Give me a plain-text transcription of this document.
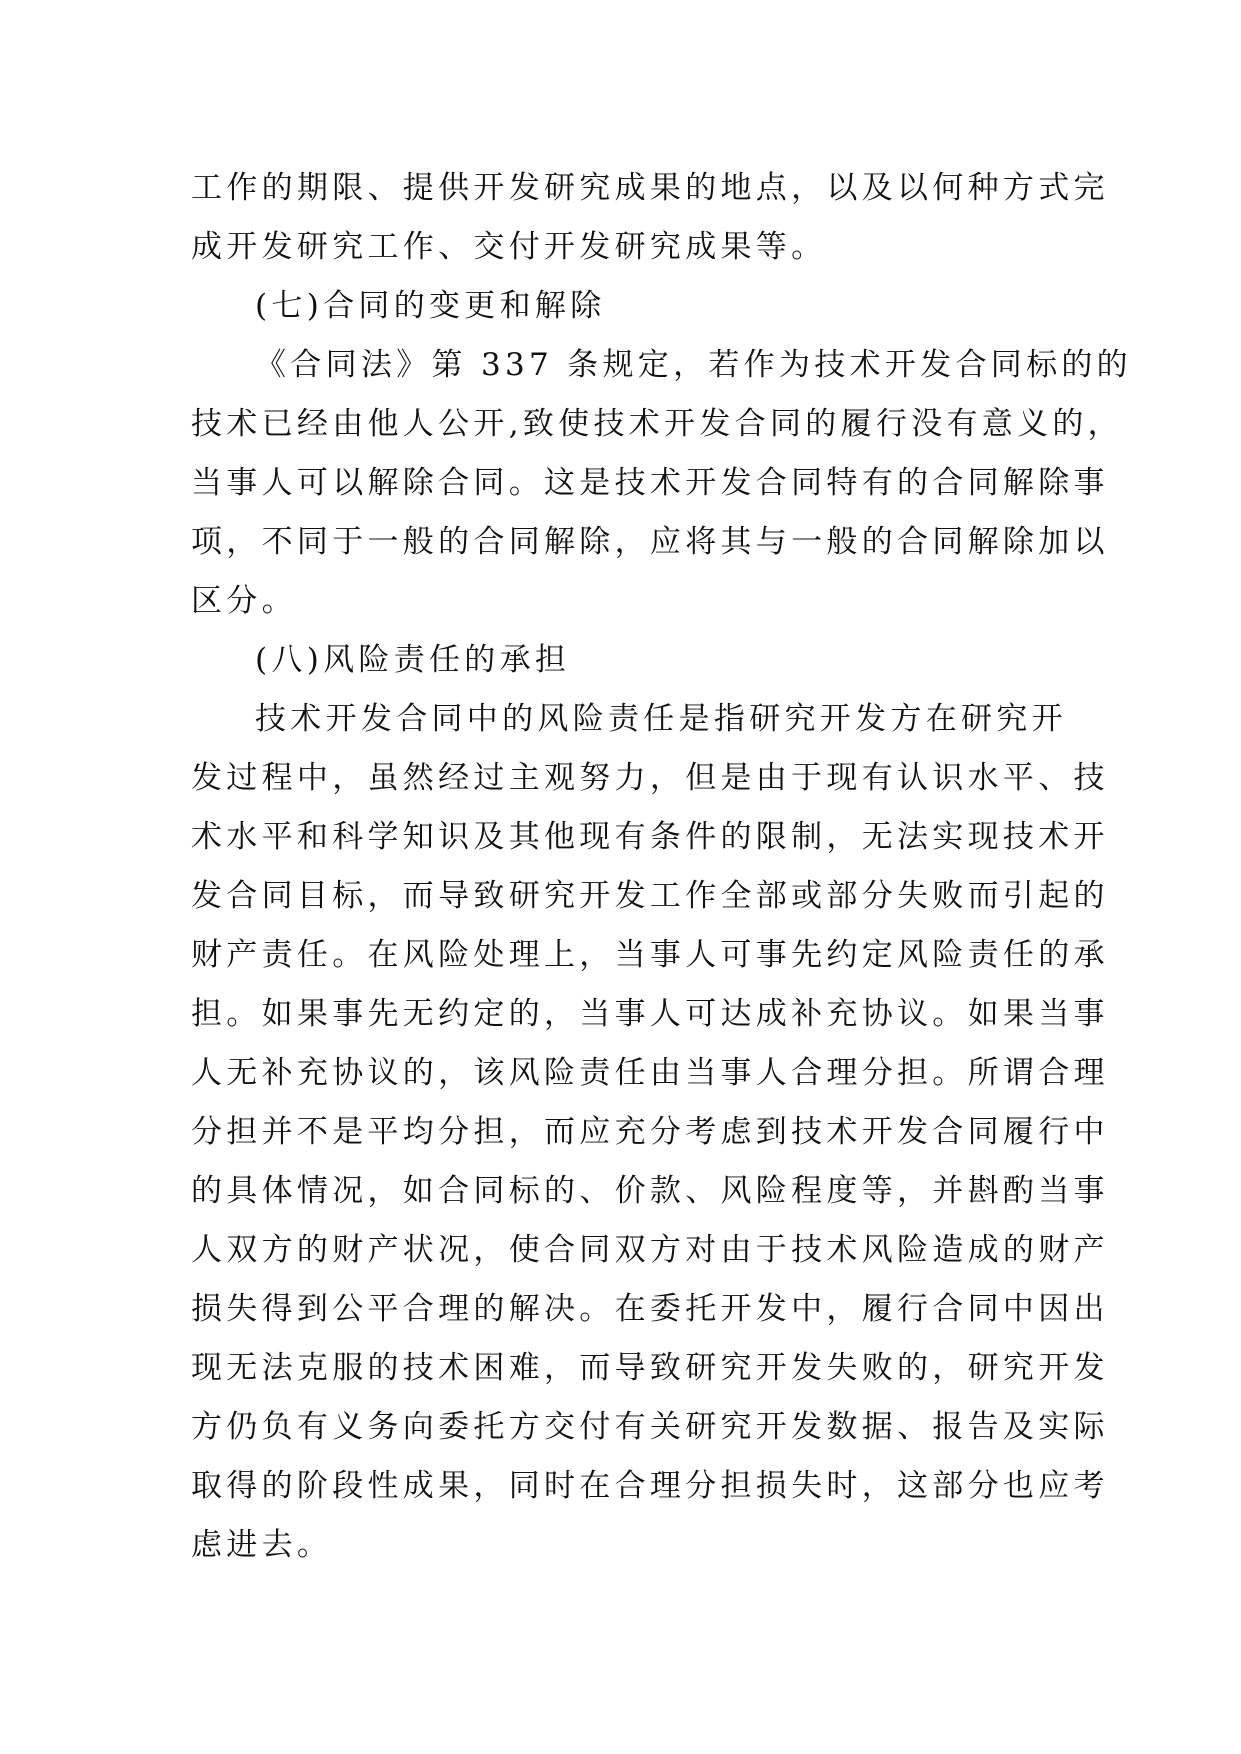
工作的期限、提供开发研究成果的地点，以及以何种方式完
成开发研究工作、交付开发研究成果等。
(七)合同的变更和解除
《合同法》第 337 条规定，若作为技术开发合同标的的
技术已经由他人公开,致使技术开发合同的履行没有意义的，
当事人可以解除合同。这是技术开发合同特有的合同解除事
项，不同于一般的合同解除，应将其与一般的合同解除加以
区分。
(八)风险责任的承担
技术开发合同中的风险责任是指研究开发方在研究开
发过程中，虽然经过主观努力，但是由于现有认识水平、技
术水平和科学知识及其他现有条件的限制，无法实现技术开
发合同目标，而导致研究开发工作全部或部分失败而引起的
财产责任。在风险处理上，当事人可事先约定风险责任的承
担。如果事先无约定的，当事人可达成补充协议。如果当事
人无补充协议的，该风险责任由当事人合理分担。所谓合理
分担并不是平均分担，而应充分考虑到技术开发合同履行中
的具体情况，如合同标的、价款、风险程度等，并斟酌当事
人双方的财产状况，使合同双方对由于技术风险造成的财产
损失得到公平合理的解决。在委托开发中，履行合同中因出
现无法克服的技术困难，而导致研究开发失败的，研究开发
方仍负有义务向委托方交付有关研究开发数据、报告及实际
取得的阶段性成果，同时在合理分担损失时，这部分也应考
虑进去。
